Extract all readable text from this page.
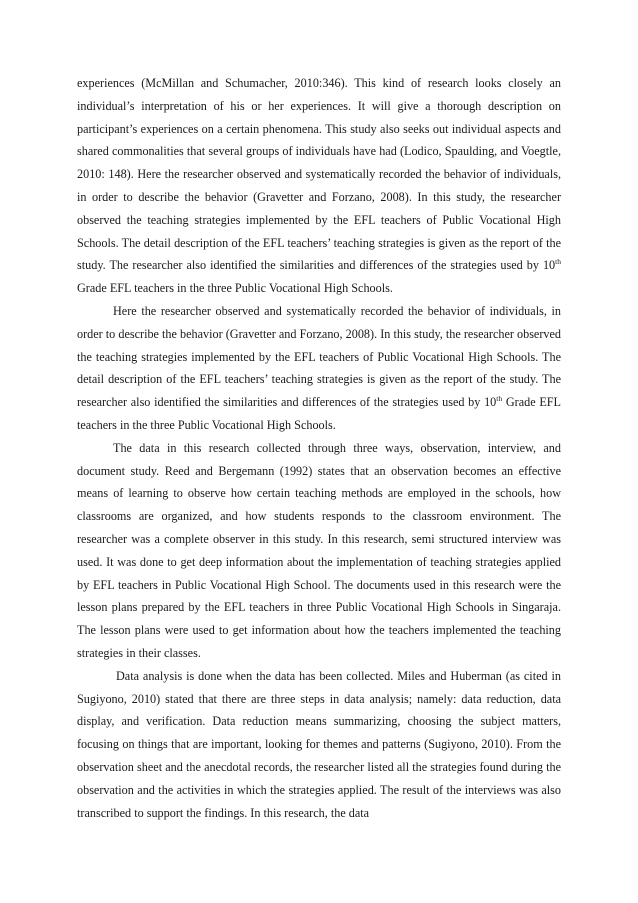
experiences (McMillan and Schumacher, 2010:346). This kind of research looks closely an individual’s interpretation of his or her experiences. It will give a thorough description on participant’s experiences on a certain phenomena. This study also seeks out individual aspects and shared commonalities that several groups of individuals have had (Lodico, Spaulding, and Voegtle, 2010: 148). Here the researcher observed and systematically recorded the behavior of individuals, in order to describe the behavior (Gravetter and Forzano, 2008). In this study, the researcher observed the teaching strategies implemented by the EFL teachers of Public Vocational High Schools. The detail description of the EFL teachers’ teaching strategies is given as the report of the study. The researcher also identified the similarities and differences of the strategies used by 10th Grade EFL teachers in the three Public Vocational High Schools.

Here the researcher observed and systematically recorded the behavior of individuals, in order to describe the behavior (Gravetter and Forzano, 2008). In this study, the researcher observed the teaching strategies implemented by the EFL teachers of Public Vocational High Schools. The detail description of the EFL teachers’ teaching strategies is given as the report of the study. The researcher also identified the similarities and differences of the strategies used by 10th Grade EFL teachers in the three Public Vocational High Schools.

The data in this research collected through three ways, observation, interview, and document study. Reed and Bergemann (1992) states that an observation becomes an effective means of learning to observe how certain teaching methods are employed in the schools, how classrooms are organized, and how students responds to the classroom environment. The researcher was a complete observer in this study. In this research, semi structured interview was used. It was done to get deep information about the implementation of teaching strategies applied by EFL teachers in Public Vocational High School. The documents used in this research were the lesson plans prepared by the EFL teachers in three Public Vocational High Schools in Singaraja. The lesson plans were used to get information about how the teachers implemented the teaching strategies in their classes.

Data analysis is done when the data has been collected. Miles and Huberman (as cited in Sugiyono, 2010) stated that there are three steps in data analysis; namely: data reduction, data display, and verification. Data reduction means summarizing, choosing the subject matters, focusing on things that are important, looking for themes and patterns (Sugiyono, 2010). From the observation sheet and the anecdotal records, the researcher listed all the strategies found during the observation and the activities in which the strategies applied. The result of the interviews was also transcribed to support the findings. In this research, the data
